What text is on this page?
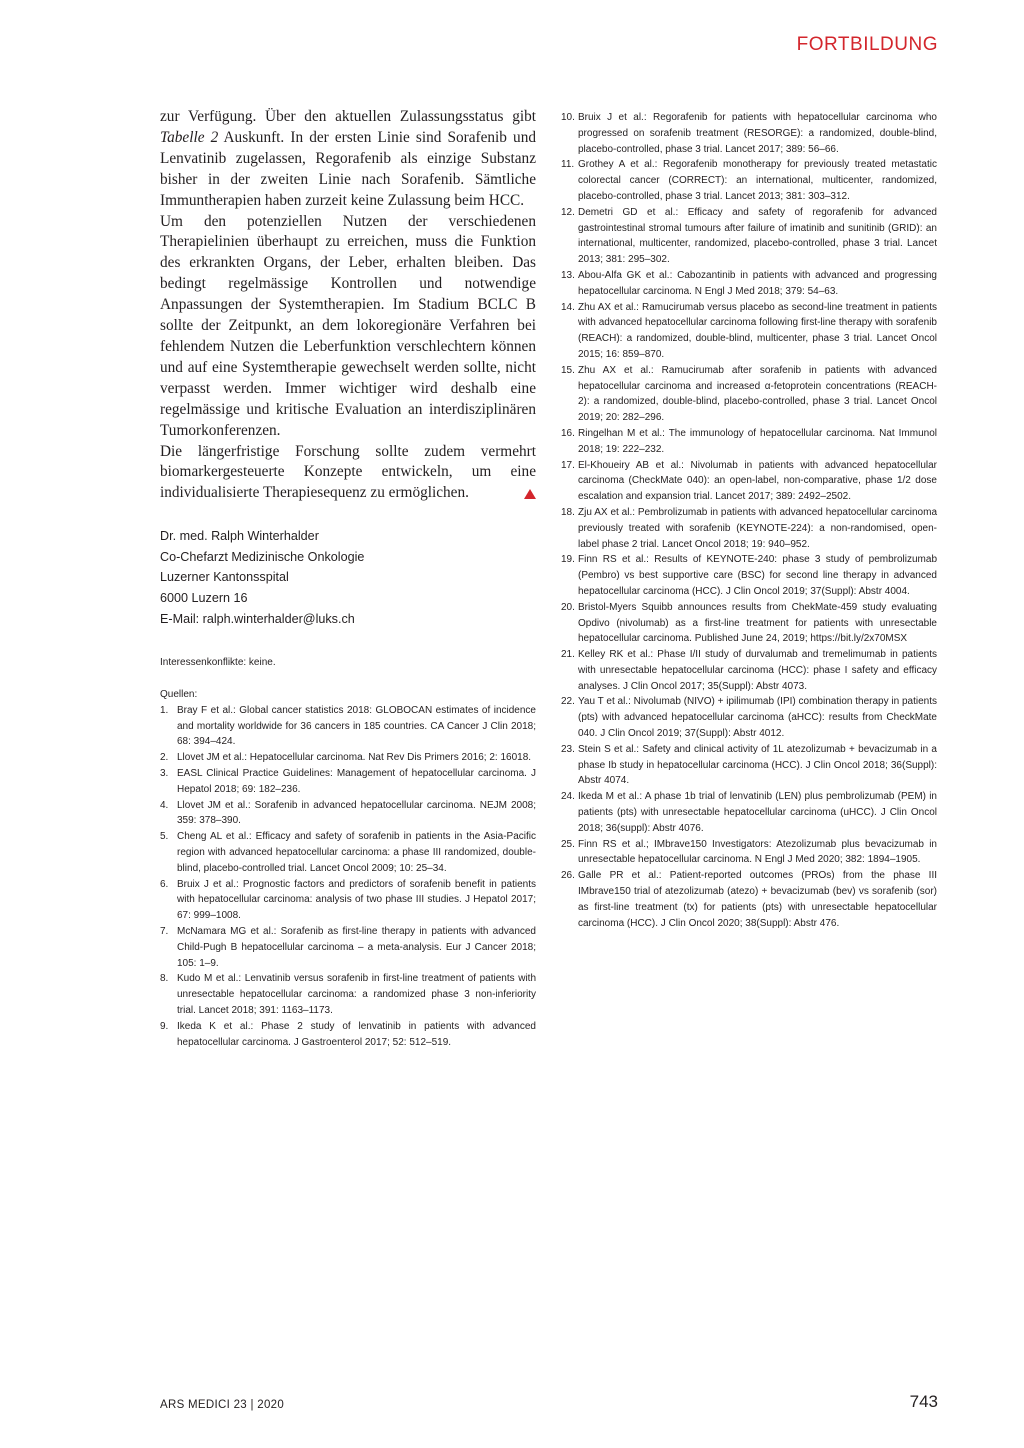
FORTBILDUNG

zur Verfügung. Über den aktuellen Zulassungsstatus gibt Tabelle 2 Auskunft. In der ersten Linie sind Sorafenib und Lenvatinib zugelassen, Regorafenib als einzige Substanz bisher in der zweiten Linie nach Sorafenib. Sämtliche Immuntherapien haben zurzeit keine Zulassung beim HCC.

Um den potenziellen Nutzen der verschiedenen Therapielinien überhaupt zu erreichen, muss die Funktion des erkrankten Organs, der Leber, erhalten bleiben. Das bedingt regelmässige Kontrollen und notwendige Anpassungen der Systemtherapien. Im Stadium BCLC B sollte der Zeitpunkt, an dem lokoregionäre Verfahren bei fehlendem Nutzen die Leberfunktion verschlechtern können und auf eine Systemtherapie gewechselt werden sollte, nicht verpasst werden. Immer wichtiger wird deshalb eine regelmässige und kritische Evaluation an interdisziplinären Tumorkonferenzen.

Die längerfristige Forschung sollte zudem vermehrt biomarkergesteuerte Konzepte entwickeln, um eine individualisierte Therapiesequenz zu ermöglichen.

Dr. med. Ralph Winterhalder
Co-Chefarzt Medizinische Onkologie
Luzerner Kantonsspital
6000 Luzern 16
E-Mail: ralph.winterhalder@luks.ch
Interessenkonflikte: keine.
Quellen:
1. Bray F et al.: Global cancer statistics 2018: GLOBOCAN estimates of incidence and mortality worldwide for 36 cancers in 185 countries. CA Cancer J Clin 2018; 68: 394–424.
2. Llovet JM et al.: Hepatocellular carcinoma. Nat Rev Dis Primers 2016; 2: 16018.
3. EASL Clinical Practice Guidelines: Management of hepatocellular carcinoma. J Hepatol 2018; 69: 182–236.
4. Llovet JM et al.: Sorafenib in advanced hepatocellular carcinoma. NEJM 2008; 359: 378–390.
5. Cheng AL et al.: Efficacy and safety of sorafenib in patients in the Asia-Pacific region with advanced hepatocellular carcinoma: a phase III randomized, double-blind, placebo-controlled trial. Lancet Oncol 2009; 10: 25–34.
6. Bruix J et al.: Prognostic factors and predictors of sorafenib benefit in patients with hepatocellular carcinoma: analysis of two phase III studies. J Hepatol 2017; 67: 999–1008.
7. McNamara MG et al.: Sorafenib as first-line therapy in patients with advanced Child-Pugh B hepatocellular carcinoma – a meta-analysis. Eur J Cancer 2018; 105: 1–9.
8. Kudo M et al.: Lenvatinib versus sorafenib in first-line treatment of patients with unresectable hepatocellular carcinoma: a randomized phase 3 non-inferiority trial. Lancet 2018; 391: 1163–1173.
9. Ikeda K et al.: Phase 2 study of lenvatinib in patients with advanced hepatocellular carcinoma. J Gastroenterol 2017; 52: 512–519.
10. Bruix J et al.: Regorafenib for patients with hepatocellular carcinoma who progressed on sorafenib treatment (RESORGE): a randomized, double-blind, placebo-controlled, phase 3 trial. Lancet 2017; 389: 56–66.
11. Grothey A et al.: Regorafenib monotherapy for previously treated metastatic colorectal cancer (CORRECT): an international, multicenter, randomized, placebo-controlled, phase 3 trial. Lancet 2013; 381: 303–312.
12. Demetri GD et al.: Efficacy and safety of regorafenib for advanced gastrointestinal stromal tumours after failure of imatinib and sunitinib (GRID): an international, multicenter, randomized, placebo-controlled, phase 3 trial. Lancet 2013; 381: 295–302.
13. Abou-Alfa GK et al.: Cabozantinib in patients with advanced and progressing hepatocellular carcinoma. N Engl J Med 2018; 379: 54–63.
14. Zhu AX et al.: Ramucirumab versus placebo as second-line treatment in patients with advanced hepatocellular carcinoma following first-line therapy with sorafenib (REACH): a randomized, double-blind, multicenter, phase 3 trial. Lancet Oncol 2015; 16: 859–870.
15. Zhu AX et al.: Ramucirumab after sorafenib in patients with advanced hepatocellular carcinoma and increased α-fetoprotein concentrations (REACH-2): a randomized, double-blind, placebo-controlled, phase 3 trial. Lancet Oncol 2019; 20: 282–296.
16. Ringelhan M et al.: The immunology of hepatocellular carcinoma. Nat Immunol 2018; 19: 222–232.
17. El-Khoueiry AB et al.: Nivolumab in patients with advanced hepatocellular carcinoma (CheckMate 040): an open-label, non-comparative, phase 1/2 dose escalation and expansion trial. Lancet 2017; 389: 2492–2502.
18. Zju AX et al.: Pembrolizumab in patients with advanced hepatocellular carcinoma previously treated with sorafenib (KEYNOTE-224): a non-randomised, open-label phase 2 trial. Lancet Oncol 2018; 19: 940–952.
19. Finn RS et al.: Results of KEYNOTE-240: phase 3 study of pembrolizumab (Pembro) vs best supportive care (BSC) for second line therapy in advanced hepatocellular carcinoma (HCC). J Clin Oncol 2019; 37(Suppl): Abstr 4004.
20. Bristol-Myers Squibb announces results from ChekMate-459 study evaluating Opdivo (nivolumab) as a first-line treatment for patients with unresectable hepatocellular carcinoma. Published June 24, 2019; https://bit.ly/2x70MSX
21. Kelley RK et al.: Phase I/II study of durvalumab and tremelimumab in patients with unresectable hepatocellular carcinoma (HCC): phase I safety and efficacy analyses. J Clin Oncol 2017; 35(Suppl): Abstr 4073.
22. Yau T et al.: Nivolumab (NIVO) + ipilimumab (IPI) combination therapy in patients (pts) with advanced hepatocellular carcinoma (aHCC): results from CheckMate 040. J Clin Oncol 2019; 37(Suppl): Abstr 4012.
23. Stein S et al.: Safety and clinical activity of 1L atezolizumab + bevacizumab in a phase Ib study in hepatocellular carcinoma (HCC). J Clin Oncol 2018; 36(Suppl): Abstr 4074.
24. Ikeda M et al.: A phase 1b trial of lenvatinib (LEN) plus pembrolizumab (PEM) in patients (pts) with unresectable hepatocellular carcinoma (uHCC). J Clin Oncol 2018; 36(suppl): Abstr 4076.
25. Finn RS et al.; IMbrave150 Investigators: Atezolizumab plus bevacizumab in unresectable hepatocellular carcinoma. N Engl J Med 2020; 382: 1894–1905.
26. Galle PR et al.: Patient-reported outcomes (PROs) from the phase III IMbrave150 trial of atezolizumab (atezo) + bevacizumab (bev) vs sorafenib (sor) as first-line treatment (tx) for patients (pts) with unresectable hepatocellular carcinoma (HCC). J Clin Oncol 2020; 38(Suppl): Abstr 476.
ARS MEDICI 23 | 2020	743
